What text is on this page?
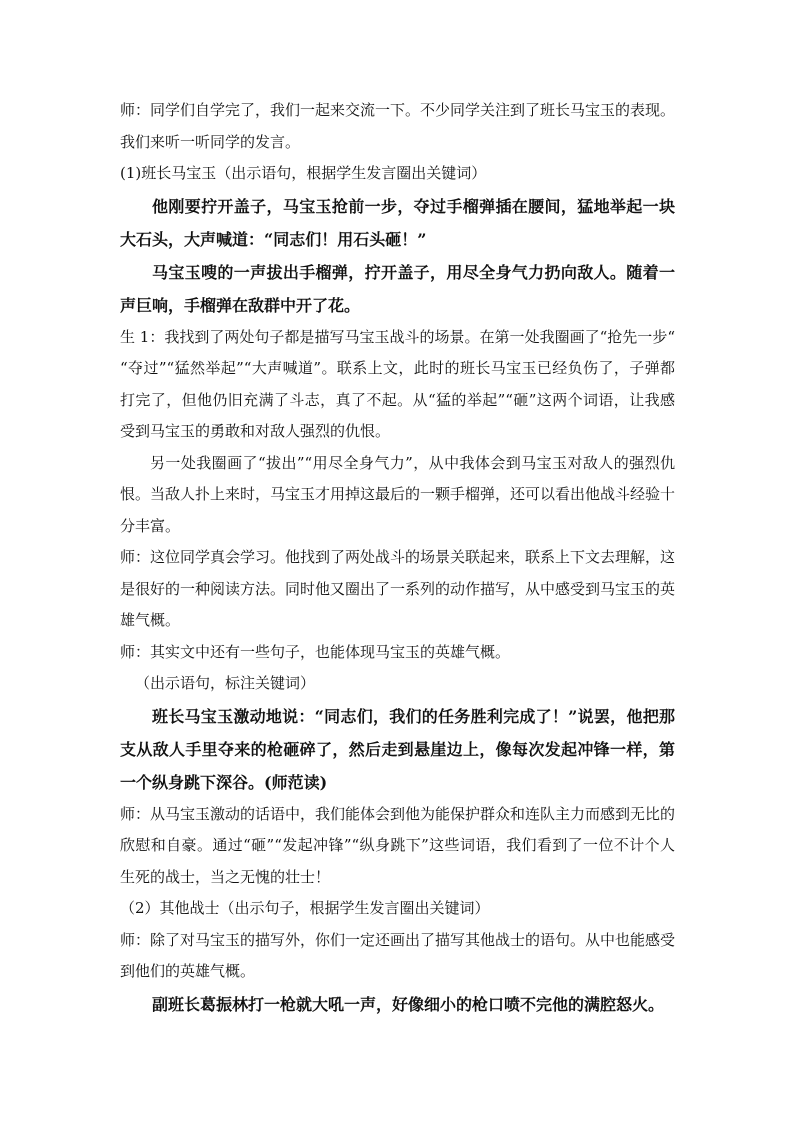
师：同学们自学完了，我们一起来交流一下。不少同学关注到了班长马宝玉的表现。我们来听一听同学的发言。

(1)班长马宝玉（出示语句，根据学生发言圈出关键词）

他刚要拧开盖子，马宝玉抢前一步，夺过手榴弹插在腰间，猛地举起一块大石头，大声喊道：“同志们！用石头砸！”

马宝玉嗖的一声拔出手榴弹，拧开盖子，用尽全身气力扔向敌人。随着一声巨响，手榴弹在敌群中开了花。

生 1：我找到了两处句子都是描写马宝玉战斗的场景。在第一处我圈画了“抢先一步“ “夺过”“猛然举起”“大声喊道”。联系上文，此时的班长马宝玉已经负伤了，子弹都打完了，但他仍旧充满了斗志，真了不起。从“猛的举起”“砸”这两个词语，让我感受到马宝玉的勇敢和对敌人强烈的仇恨。

另一处我圈画了“拔出”“用尽全身气力”，从中我体会到马宝玉对敌人的强烈仇恨。当敌人扑上来时，马宝玉才用掉这最后的一颗手榴弹，还可以看出他战斗经验十分丰富。

师：这位同学真会学习。他找到了两处战斗的场景关联起来，联系上下文去理解，这是很好的一种阅读方法。同时他又圈出了一系列的动作描写，从中感受到马宝玉的英雄气概。

师：其实文中还有一些句子，也能体现马宝玉的英雄气概。

（出示语句，标注关键词）

班长马宝玉激动地说：“同志们，我们的任务胜利完成了！”说罢，他把那支从敌人手里夺来的枪砸碎了，然后走到悬崖边上，像每次发起冲锋一样，第一个纵身跳下深谷。(师范读)

师：从马宝玉激动的话语中，我们能体会到他为能保护群众和连队主力而感到无比的欣慰和自豪。通过“砸”“发起冲锋”“纵身跳下”这些词语，我们看到了一位不计个人生死的战士，当之无愧的壮士！

（2）其他战士（出示句子，根据学生发言圈出关键词）

师：除了对马宝玉的描写外，你们一定还画出了描写其他战士的语句。从中也能感受到他们的英雄气概。

副班长葛振林打一枪就大吼一声，好像细小的枪口喷不完他的满腔怒火。
